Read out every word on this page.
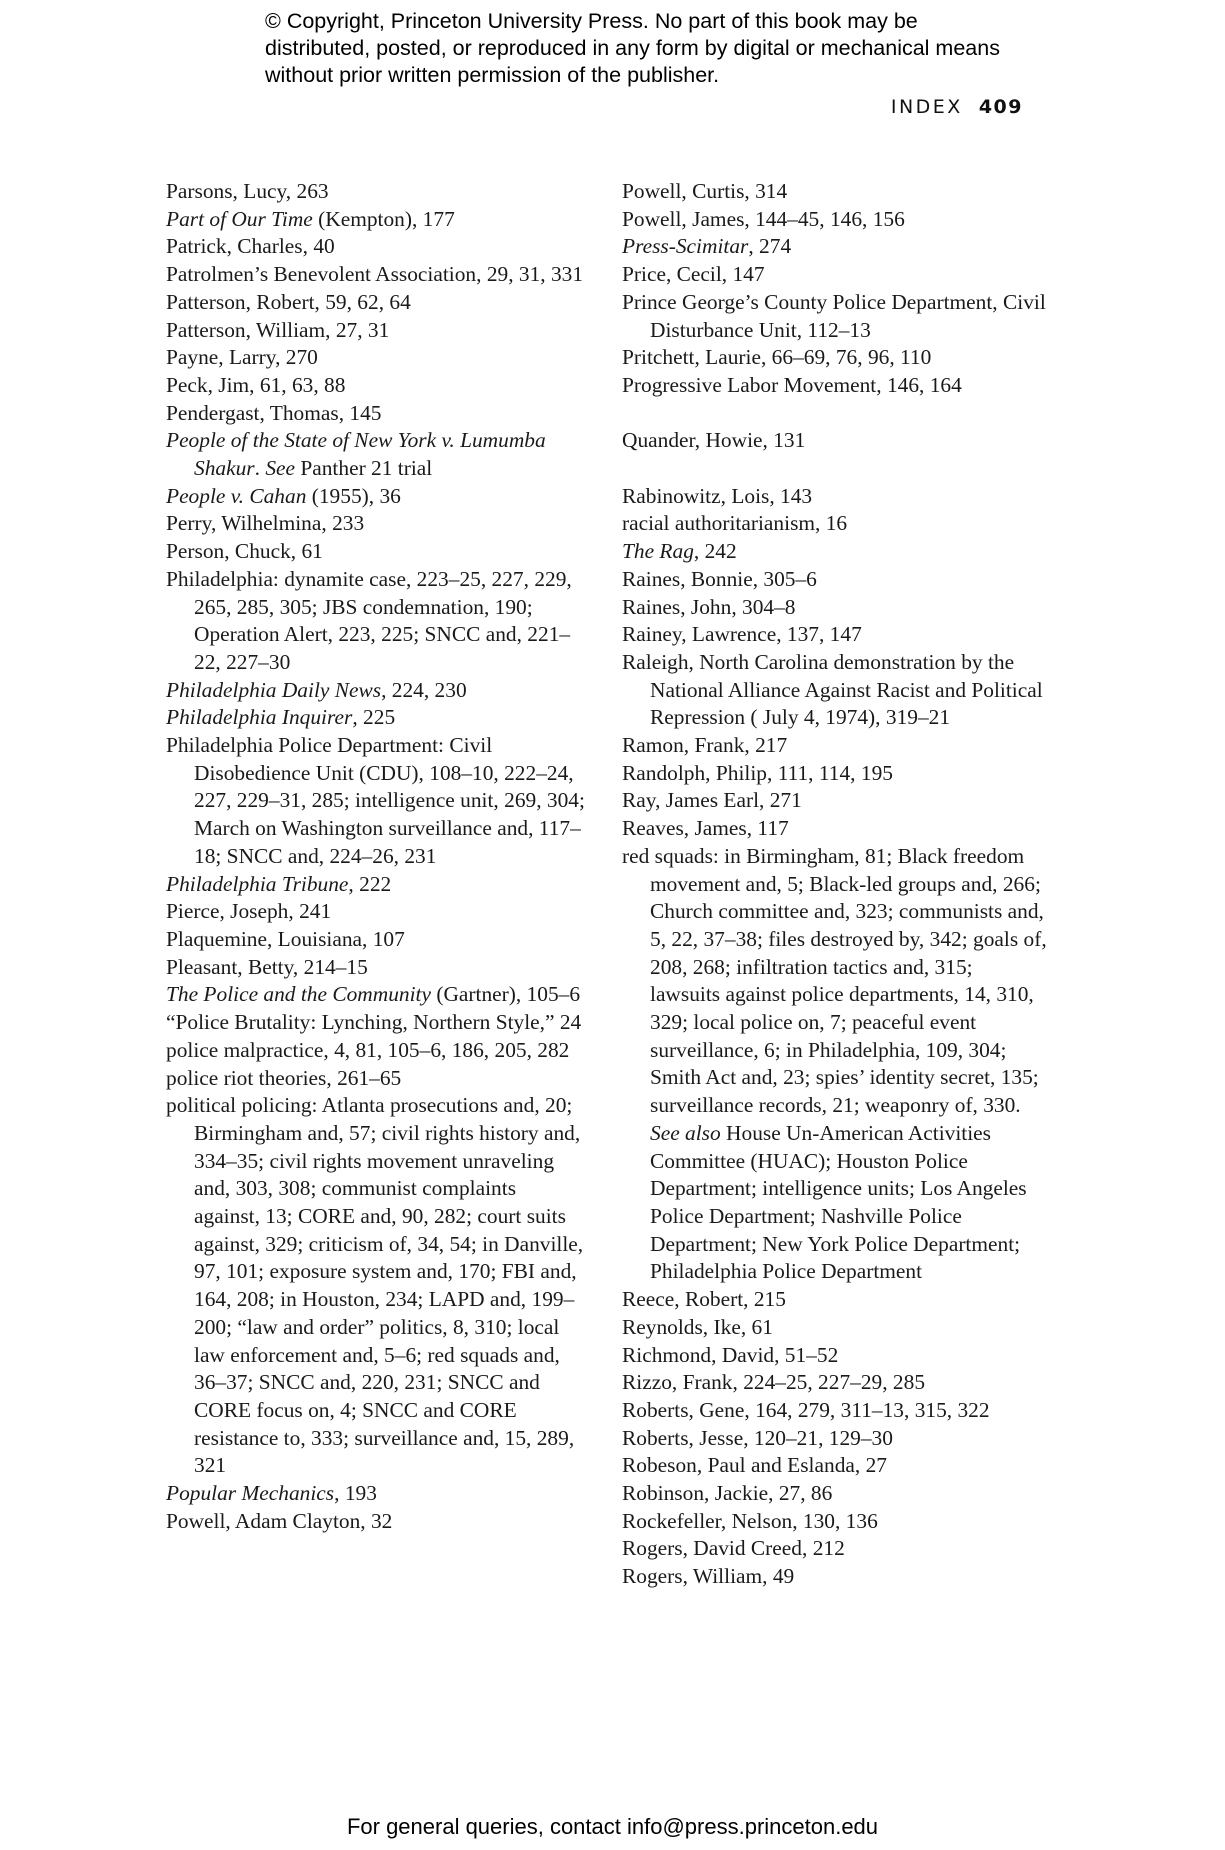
© Copyright, Princeton University Press. No part of this book may be distributed, posted, or reproduced in any form by digital or mechanical means without prior written permission of the publisher.
INDEX 409
Parsons, Lucy, 263
Part of Our Time (Kempton), 177
Patrick, Charles, 40
Patrolmen’s Benevolent Association, 29, 31, 331
Patterson, Robert, 59, 62, 64
Patterson, William, 27, 31
Payne, Larry, 270
Peck, Jim, 61, 63, 88
Pendergast, Thomas, 145
People of the State of New York v. Lumumba Shakur. See Panther 21 trial
People v. Cahan (1955), 36
Perry, Wilhelmina, 233
Person, Chuck, 61
Philadelphia: dynamite case, 223–25, 227, 229, 265, 285, 305; JBS condemnation, 190; Operation Alert, 223, 225; SNCC and, 221–22, 227–30
Philadelphia Daily News, 224, 230
Philadelphia Inquirer, 225
Philadelphia Police Department: Civil Disobedience Unit (CDU), 108–10, 222–24, 227, 229–31, 285; intelligence unit, 269, 304; March on Washington surveillance and, 117–18; SNCC and, 224–26, 231
Philadelphia Tribune, 222
Pierce, Joseph, 241
Plaquemine, Louisiana, 107
Pleasant, Betty, 214–15
The Police and the Community (Gartner), 105–6
“Police Brutality: Lynching, Northern Style,” 24
police malpractice, 4, 81, 105–6, 186, 205, 282
police riot theories, 261–65
political policing: Atlanta prosecutions and, 20; Birmingham and, 57; civil rights history and, 334–35; civil rights movement unraveling and, 303, 308; communist complaints against, 13; CORE and, 90, 282; court suits against, 329; criticism of, 34, 54; in Danville, 97, 101; exposure system and, 170; FBI and, 164, 208; in Houston, 234; LAPD and, 199–200; “law and order” politics, 8, 310; local law enforcement and, 5–6; red squads and, 36–37; SNCC and, 220, 231; SNCC and CORE focus on, 4; SNCC and CORE resistance to, 333; surveillance and, 15, 289, 321
Popular Mechanics, 193
Powell, Adam Clayton, 32
Powell, Curtis, 314
Powell, James, 144–45, 146, 156
Press-Scimitar, 274
Price, Cecil, 147
Prince George’s County Police Department, Civil Disturbance Unit, 112–13
Pritchett, Laurie, 66–69, 76, 96, 110
Progressive Labor Movement, 146, 164
Quander, Howie, 131
Rabinowitz, Lois, 143
racial authoritarianism, 16
The Rag, 242
Raines, Bonnie, 305–6
Raines, John, 304–8
Rainey, Lawrence, 137, 147
Raleigh, North Carolina demonstration by the National Alliance Against Racist and Political Repression ( July 4, 1974), 319–21
Ramon, Frank, 217
Randolph, Philip, 111, 114, 195
Ray, James Earl, 271
Reaves, James, 117
red squads: in Birmingham, 81; Black freedom movement and, 5; Black-led groups and, 266; Church committee and, 323; communists and, 5, 22, 37–38; files destroyed by, 342; goals of, 208, 268; infiltration tactics and, 315; lawsuits against police departments, 14, 310, 329; local police on, 7; peaceful event surveillance, 6; in Philadelphia, 109, 304; Smith Act and, 23; spies’ identity secret, 135; surveillance records, 21; weaponry of, 330. See also House Un-American Activities Committee (HUAC); Houston Police Department; intelligence units; Los Angeles Police Department; Nashville Police Department; New York Police Department; Philadelphia Police Department
Reece, Robert, 215
Reynolds, Ike, 61
Richmond, David, 51–52
Rizzo, Frank, 224–25, 227–29, 285
Roberts, Gene, 164, 279, 311–13, 315, 322
Roberts, Jesse, 120–21, 129–30
Robeson, Paul and Eslanda, 27
Robinson, Jackie, 27, 86
Rockefeller, Nelson, 130, 136
Rogers, David Creed, 212
Rogers, William, 49
For general queries, contact info@press.princeton.edu
